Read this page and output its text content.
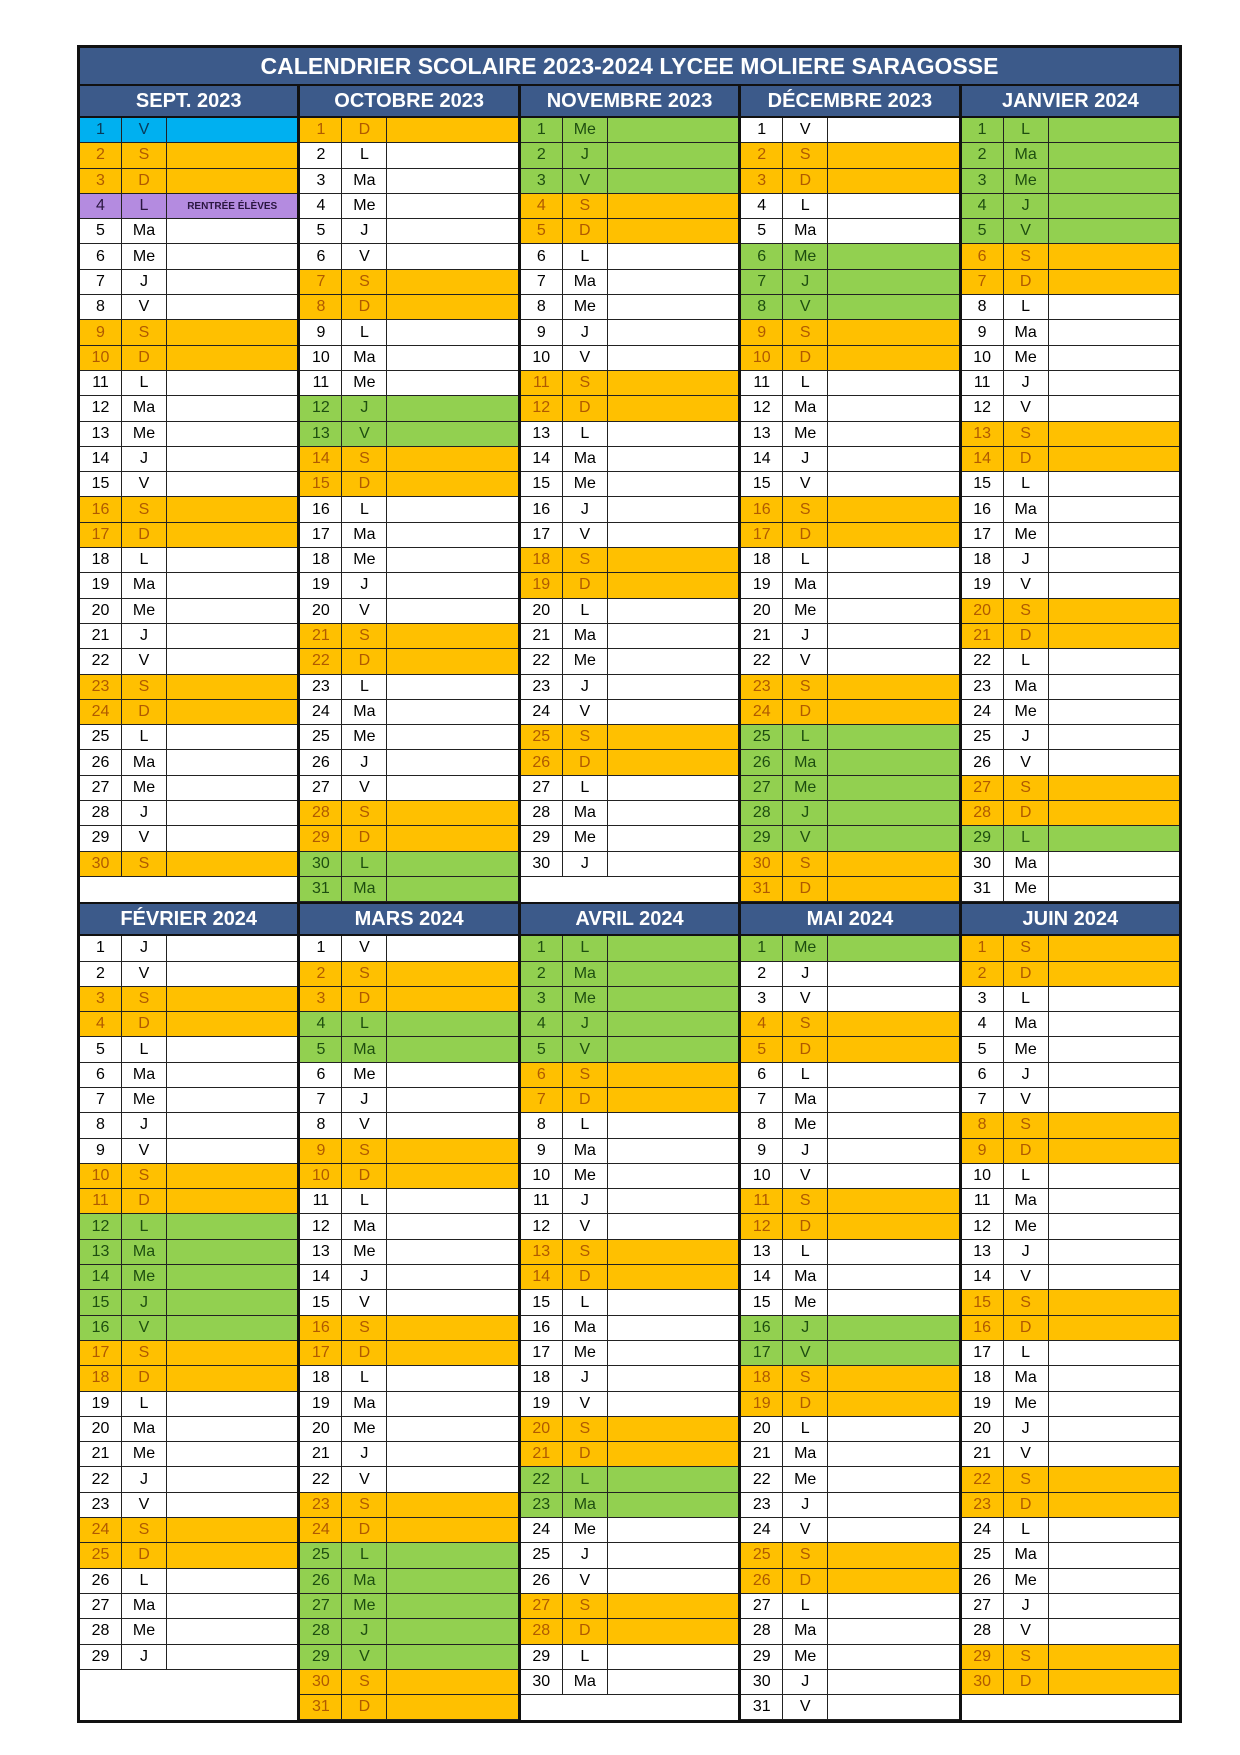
CALENDRIER SCOLAIRE 2023-2024 LYCEE MOLIERE SARAGOSSE
SEPT. 2023
1	V
2	S
3	D
4	L	RENTRÉE ÉLÈVES
5	Ma
6	Me
7	J
8	V
9	S
10	D
11	L
12	Ma
13	Me
14	J
15	V
16	S
17	D
18	L
19	Ma
20	Me
21	J
22	V
23	S
24	D
25	L
26	Ma
27	Me
28	J
29	V
30	S
OCTOBRE 2023
1	D
2	L
3	Ma
4	Me
5	J
6	V
7	S
8	D
9	L
10	Ma
11	Me
12	J
13	V
14	S
15	D
16	L
17	Ma
18	Me
19	J
20	V
21	S
22	D
23	L
24	Ma
25	Me
26	J
27	V
28	S
29	D
30	L
31	Ma
NOVEMBRE 2023
1	Me
2	J
3	V
4	S
5	D
6	L
7	Ma
8	Me
9	J
10	V
11	S
12	D
13	L
14	Ma
15	Me
16	J
17	V
18	S
19	D
20	L
21	Ma
22	Me
23	J
24	V
25	S
26	D
27	L
28	Ma
29	Me
30	J
DÉCEMBRE 2023
1	V
2	S
3	D
4	L
5	Ma
6	Me
7	J
8	V
9	S
10	D
11	L
12	Ma
13	Me
14	J
15	V
16	S
17	D
18	L
19	Ma
20	Me
21	J
22	V
23	S
24	D
25	L
26	Ma
27	Me
28	J
29	V
30	S
31	D
JANVIER 2024
1	L
2	Ma
3	Me
4	J
5	V
6	S
7	D
8	L
9	Ma
10	Me
11	J
12	V
13	S
14	D
15	L
16	Ma
17	Me
18	J
19	V
20	S
21	D
22	L
23	Ma
24	Me
25	J
26	V
27	S
28	D
29	L
30	Ma
31	Me
FÉVRIER 2024
1	J
2	V
3	S
4	D
5	L
6	Ma
7	Me
8	J
9	V
10	S
11	D
12	L
13	Ma
14	Me
15	J
16	V
17	S
18	D
19	L
20	Ma
21	Me
22	J
23	V
24	S
25	D
26	L
27	Ma
28	Me
29	J
MARS 2024
1	V
2	S
3	D
4	L
5	Ma
6	Me
7	J
8	V
9	S
10	D
11	L
12	Ma
13	Me
14	J
15	V
16	S
17	D
18	L
19	Ma
20	Me
21	J
22	V
23	S
24	D
25	L
26	Ma
27	Me
28	J
29	V
30	S
31	D
AVRIL 2024
1	L
2	Ma
3	Me
4	J
5	V
6	S
7	D
8	L
9	Ma
10	Me
11	J
12	V
13	S
14	D
15	L
16	Ma
17	Me
18	J
19	V
20	S
21	D
22	L
23	Ma
24	Me
25	J
26	V
27	S
28	D
29	L
30	Ma
MAI 2024
1	Me
2	J
3	V
4	S
5	D
6	L
7	Ma
8	Me
9	J
10	V
11	S
12	D
13	L
14	Ma
15	Me
16	J
17	V
18	S
19	D
20	L
21	Ma
22	Me
23	J
24	V
25	S
26	D
27	L
28	Ma
29	Me
30	J
31	V
JUIN 2024
1	S
2	D
3	L
4	Ma
5	Me
6	J
7	V
8	S
9	D
10	L
11	Ma
12	Me
13	J
14	V
15	S
16	D
17	L
18	Ma
19	Me
20	J
21	V
22	S
23	D
24	L
25	Ma
26	Me
27	J
28	V
29	S
30	D
